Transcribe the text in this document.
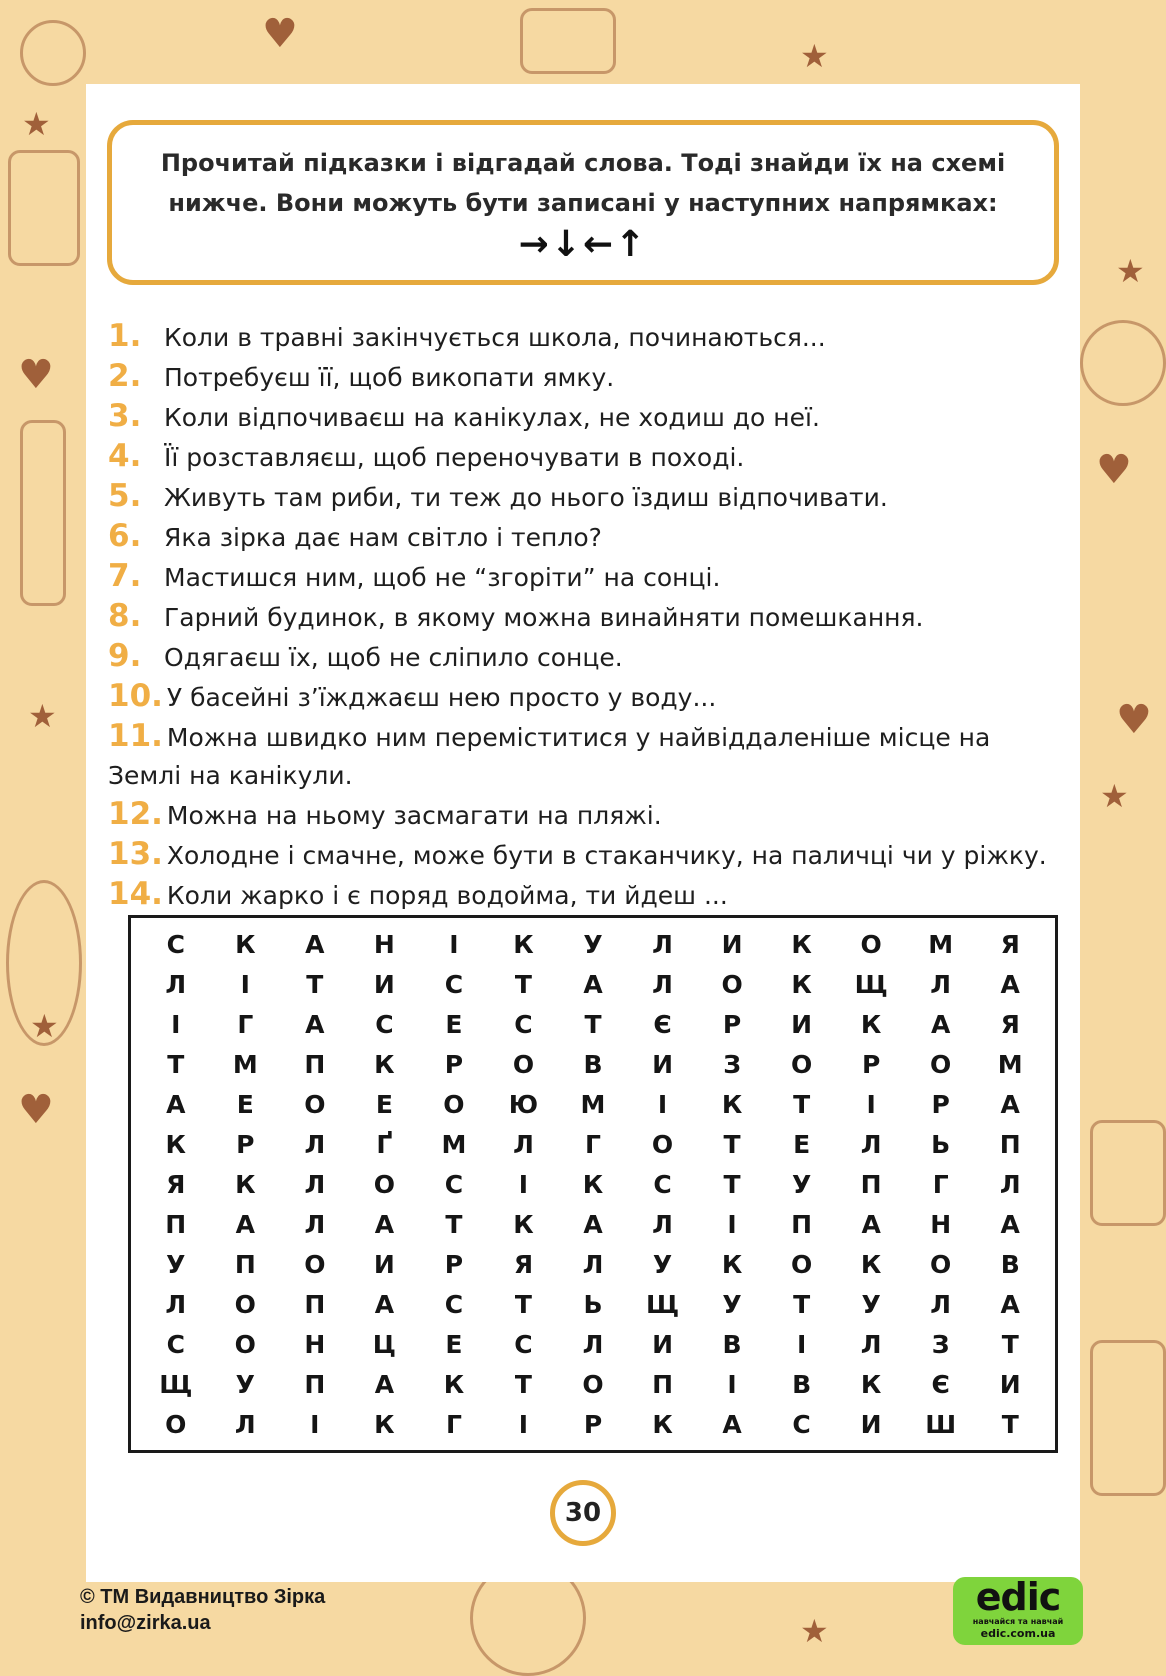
★
★
★
★
★
★
★
♥
♥
♥
♥
♥
Прочитай підказки і відгадай слова. Тоді знайди їх на схемі
нижче. Вони можуть бути записані у наступних напрямках:
→↓←↑
1. Коли в травні закінчується школа, починаються...
2. Потребуєш її, щоб викопати ямку.
3. Коли відпочиваєш на канікулах, не ходиш до неї.
4. Її розставляєш, щоб переночувати в поході.
5. Живуть там риби, ти теж до нього їздиш відпочивати.
6. Яка зірка дає нам світло і тепло?
7. Мастишся ним, щоб не “згоріти” на сонці.
8. Гарний будинок, в якому можна винайняти помешкання.
9. Одягаєш їх, щоб не сліпило сонце.
10. У басейні з’їжджаєш нею просто у воду...
11. Можна швидко ним переміститися у найвіддаленіше місце на Землі на канікули.
12. Можна на ньому засмагати на пляжі.
13. Холодне і смачне, може бути в стаканчику, на паличці чи у ріжку.
14. Коли жарко і є поряд водойма, ти йдеш ...
С	К	А	Н	І	К	У	Л	И	К	О	М	Я
Л	І	Т	И	С	Т	А	Л	О	К	Щ	Л	А
І	Г	А	С	Е	С	Т	Є	Р	И	К	А	Я
Т	М	П	К	Р	О	В	И	З	О	Р	О	М
А	Е	О	Е	О	Ю	М	І	К	Т	І	Р	А
К	Р	Л	Ґ	М	Л	Г	О	Т	Е	Л	Ь	П
Я	К	Л	О	С	І	К	С	Т	У	П	Г	Л
П	А	Л	А	Т	К	А	Л	І	П	А	Н	А
У	П	О	И	Р	Я	Л	У	К	О	К	О	В
Л	О	П	А	С	Т	Ь	Щ	У	Т	У	Л	А
С	О	Н	Ц	Е	С	Л	И	В	І	Л	З	Т
Щ	У	П	А	К	Т	О	П	І	В	К	Є	И
О	Л	І	К	Г	І	Р	К	А	С	И	Ш	Т
30
© ТМ Видавництво Зірка
info@zirka.ua
edic
навчайся та навчай
edic.com.ua
